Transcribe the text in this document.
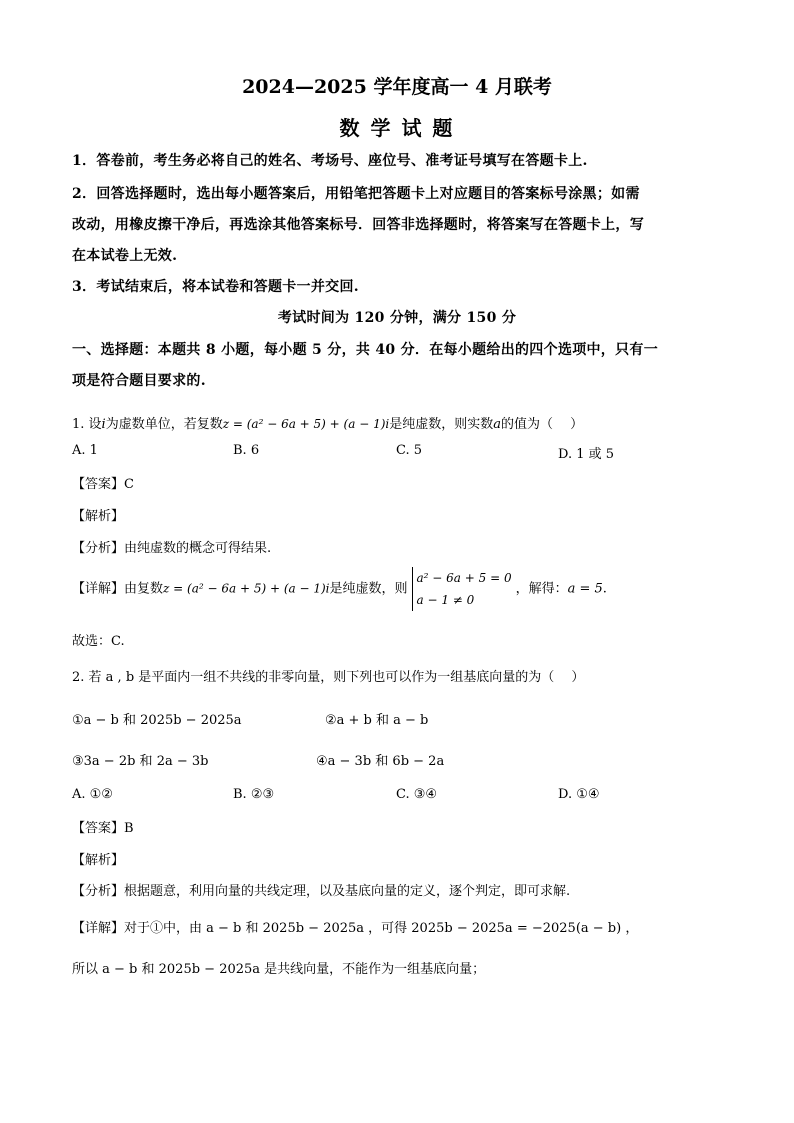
2024—2025 学年度高一 4 月联考
数 学 试 题
1．答卷前，考生务必将自己的姓名、考场号、座位号、准考证号填写在答题卡上.
2．回答选择题时，选出每小题答案后，用铅笔把答题卡上对应题目的答案标号涂黑；如需
改动，用橡皮擦干净后，再选涂其他答案标号．回答非选择题时，将答案写在答题卡上，写
在本试卷上无效.
3．考试结束后，将本试卷和答题卡一并交回.
考试时间为 120 分钟，满分 150 分
一、选择题：本题共 8 小题，每小题 5 分，共 40 分．在每小题给出的四个选项中，只有一
项是符合题目要求的.
1. 设i为虚数单位，若复数z = (a² − 6a + 5) + (a − 1)i是纯虚数，则实数a的值为（　 ）
A. 1	B. 6	C. 5	D. 1 或 5
【答案】C
【解析】
【分析】由纯虚数的概念可得结果.
【详解】由复数z = (a² − 6a + 5) + (a − 1)i是纯虚数，则
a² − 6a + 5 = 0
a − 1 ≠ 0
，解得：a = 5.
故选：C.
2. 若 a , b 是平面内一组不共线的非零向量，则下列也可以作为一组基底向量的为（　 ）
①a − b 和 2025b − 2025a	②a + b 和 a − b
③3a − 2b 和 2a − 3b	④a − 3b 和 6b − 2a
A. ①②	B. ②③	C. ③④	D. ①④
【答案】B
【解析】
【分析】根据题意，利用向量的共线定理，以及基底向量的定义，逐个判定，即可求解.
【详解】对于①中，由 a − b 和 2025b − 2025a ，可得 2025b − 2025a = −2025(a − b) ，
所以 a − b 和 2025b − 2025a 是共线向量，不能作为一组基底向量；
